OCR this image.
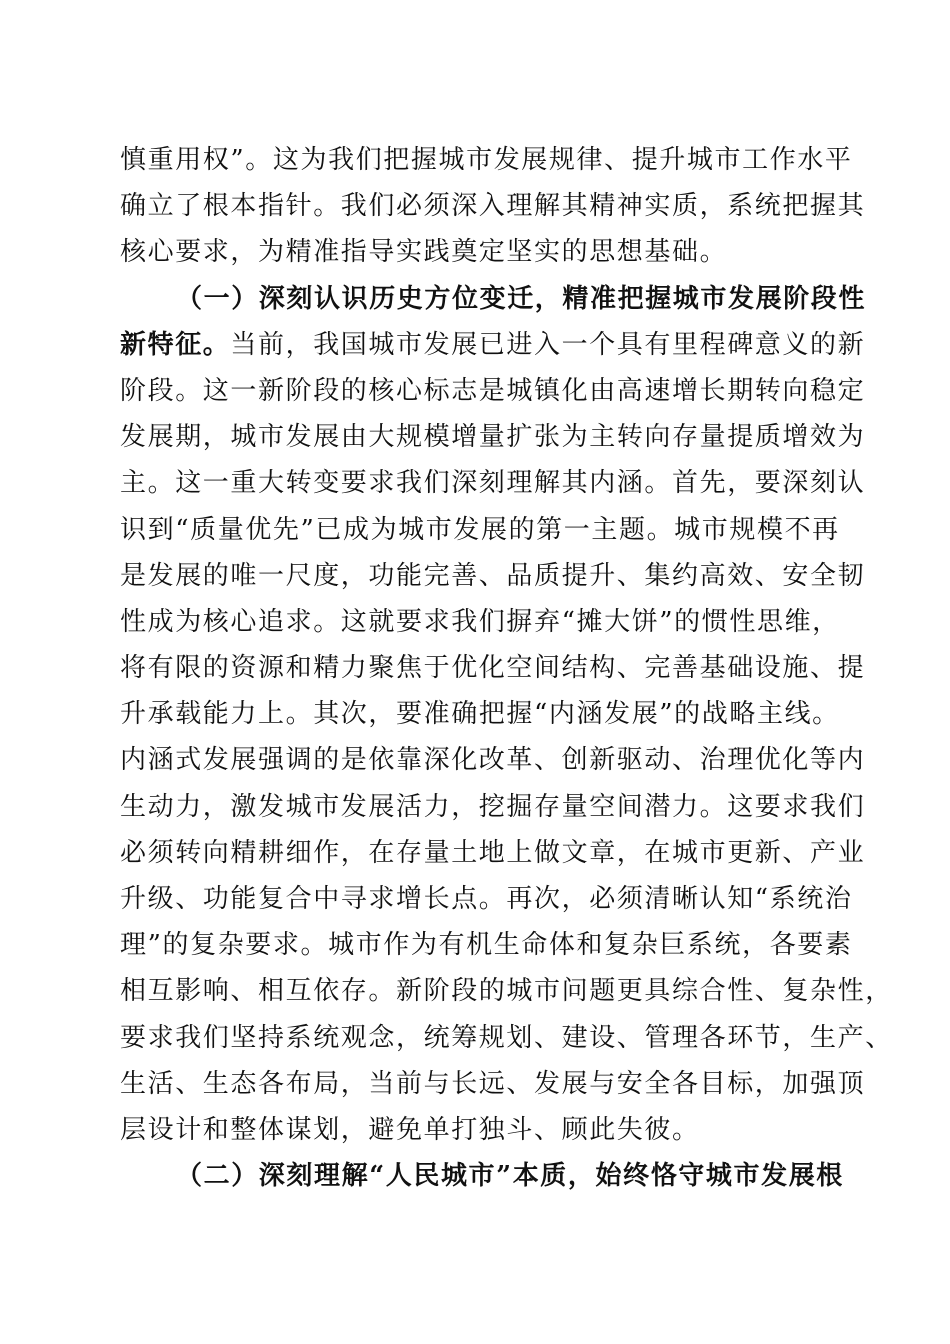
慎重用权”。这为我们把握城市发展规律、提升城市工作水平
确立了根本指针。我们必须深入理解其精神实质，系统把握其
核心要求，为精准指导实践奠定坚实的思想基础。
（一）深刻认识历史方位变迁，精准把握城市发展阶段性
新特征。当前，我国城市发展已进入一个具有里程碑意义的新
阶段。这一新阶段的核心标志是城镇化由高速增长期转向稳定
发展期，城市发展由大规模增量扩张为主转向存量提质增效为
主。这一重大转变要求我们深刻理解其内涵。首先，要深刻认
识到“质量优先”已成为城市发展的第一主题。城市规模不再
是发展的唯一尺度，功能完善、品质提升、集约高效、安全韧
性成为核心追求。这就要求我们摒弃“摊大饼”的惯性思维，
将有限的资源和精力聚焦于优化空间结构、完善基础设施、提
升承载能力上。其次，要准确把握“内涵发展”的战略主线。
内涵式发展强调的是依靠深化改革、创新驱动、治理优化等内
生动力，激发城市发展活力，挖掘存量空间潜力。这要求我们
必须转向精耕细作，在存量土地上做文章，在城市更新、产业
升级、功能复合中寻求增长点。再次，必须清晰认知“系统治
理”的复杂要求。城市作为有机生命体和复杂巨系统，各要素
相互影响、相互依存。新阶段的城市问题更具综合性、复杂性，
要求我们坚持系统观念，统筹规划、建设、管理各环节，生产、
生活、生态各布局，当前与长远、发展与安全各目标，加强顶
层设计和整体谋划，避免单打独斗、顾此失彼。
（二）深刻理解“人民城市”本质，始终恪守城市发展根
